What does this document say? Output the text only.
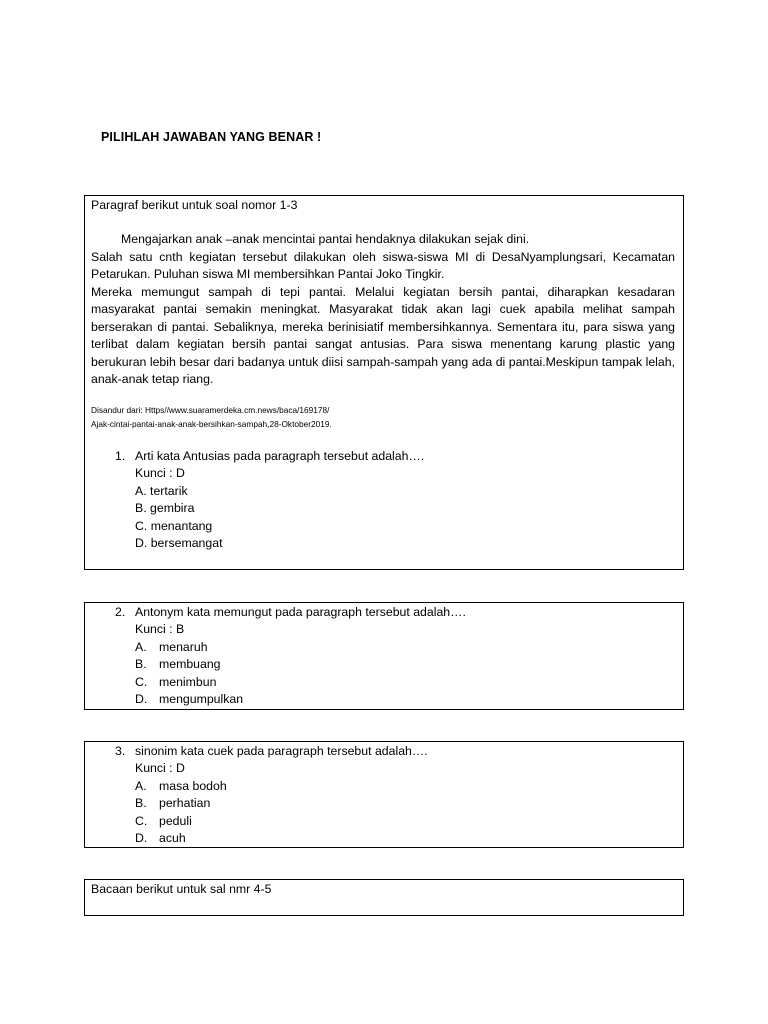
PILIHLAH JAWABAN YANG BENAR !
Paragraf berikut untuk soal nomor 1-3

Mengajarkan anak –anak mencintai pantai hendaknya dilakukan sejak dini.

Salah satu cnth kegiatan tersebut dilakukan oleh siswa-siswa MI di DesaNyamplungsari, Kecamatan Petarukan. Puluhan siswa MI membersihkan Pantai Joko Tingkir.

Mereka memungut sampah di tepi pantai. Melalui kegiatan bersih pantai, diharapkan kesadaran masyarakat pantai semakin meningkat. Masyarakat tidak akan lagi cuek apabila melihat sampah berserakan di pantai. Sebaliknya, mereka berinisiatif membersihkannya. Sementara itu, para siswa yang terlibat dalam kegiatan bersih pantai sangat antusias. Para siswa menentang karung plastic yang berukuran lebih besar dari badanya untuk diisi sampah-sampah yang ada di pantai.Meskipun tampak lelah, anak-anak tetap riang.

Disandur dari: Https//www.suaramerdeka.cm.news/baca/169178/
Ajak-cintai-pantai-anak-anak-bersihkan-sampah,28-Oktober2019.
1. Arti kata Antusias pada paragraph tersebut adalah….
Kunci : D
A. tertarik
B. gembira
C. menantang
D. bersemangat
2. Antonym kata memungut pada paragraph tersebut adalah….
Kunci : B
A. menaruh
B. membuang
C. menimbun
D. mengumpulkan
3. sinonim kata cuek pada paragraph tersebut adalah….
Kunci : D
A. masa bodoh
B. perhatian
C. peduli
D. acuh
Bacaan berikut untuk sal nmr 4-5
